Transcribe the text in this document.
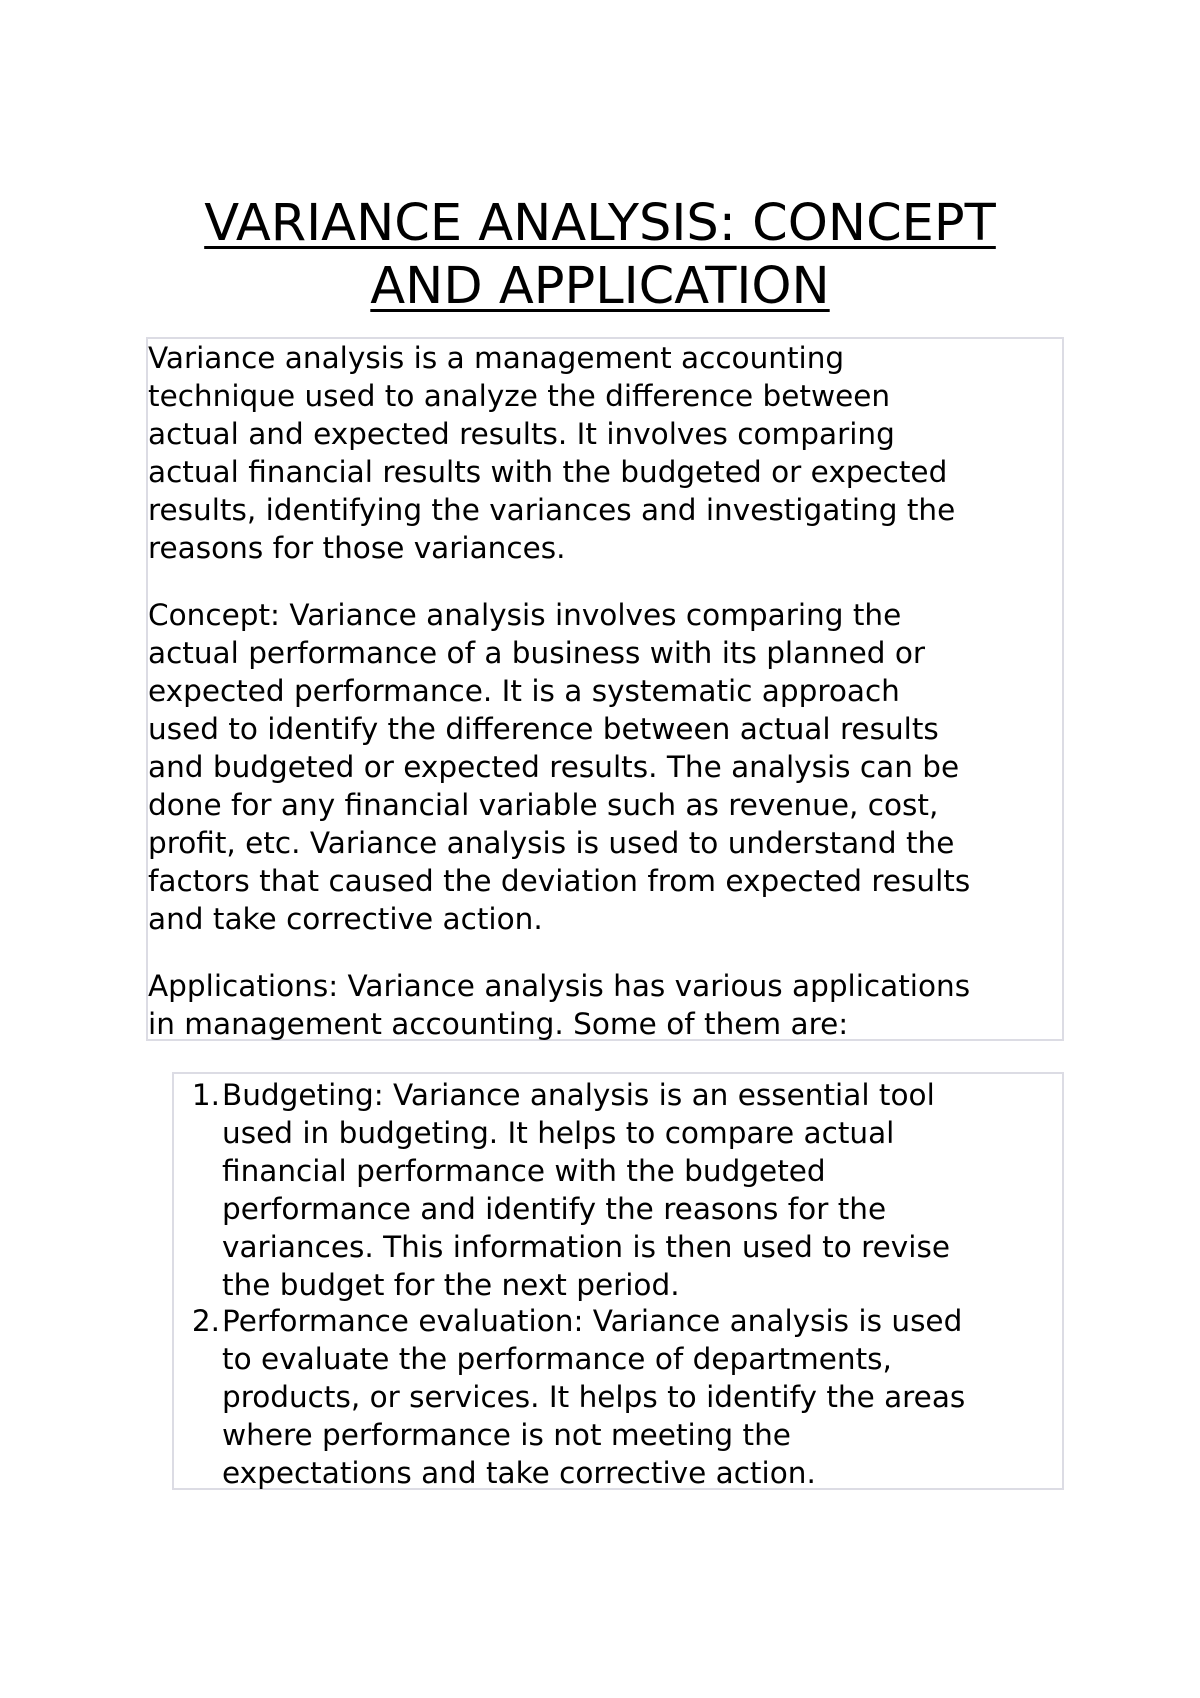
VARIANCE ANALYSIS: CONCEPT
AND APPLICATION

Variance analysis is a management accounting
technique used to analyze the difference between
actual and expected results. It involves comparing
actual financial results with the budgeted or expected
results, identifying the variances and investigating the
reasons for those variances.

Concept: Variance analysis involves comparing the
actual performance of a business with its planned or
expected performance. It is a systematic approach
used to identify the difference between actual results
and budgeted or expected results. The analysis can be
done for any financial variable such as revenue, cost,
profit, etc. Variance analysis is used to understand the
factors that caused the deviation from expected results
and take corrective action.

Applications: Variance analysis has various applications
in management accounting. Some of them are:

1. Budgeting: Variance analysis is an essential tool
used in budgeting. It helps to compare actual
financial performance with the budgeted
performance and identify the reasons for the
variances. This information is then used to revise
the budget for the next period.

2. Performance evaluation: Variance analysis is used
to evaluate the performance of departments,
products, or services. It helps to identify the areas
where performance is not meeting the
expectations and take corrective action.
